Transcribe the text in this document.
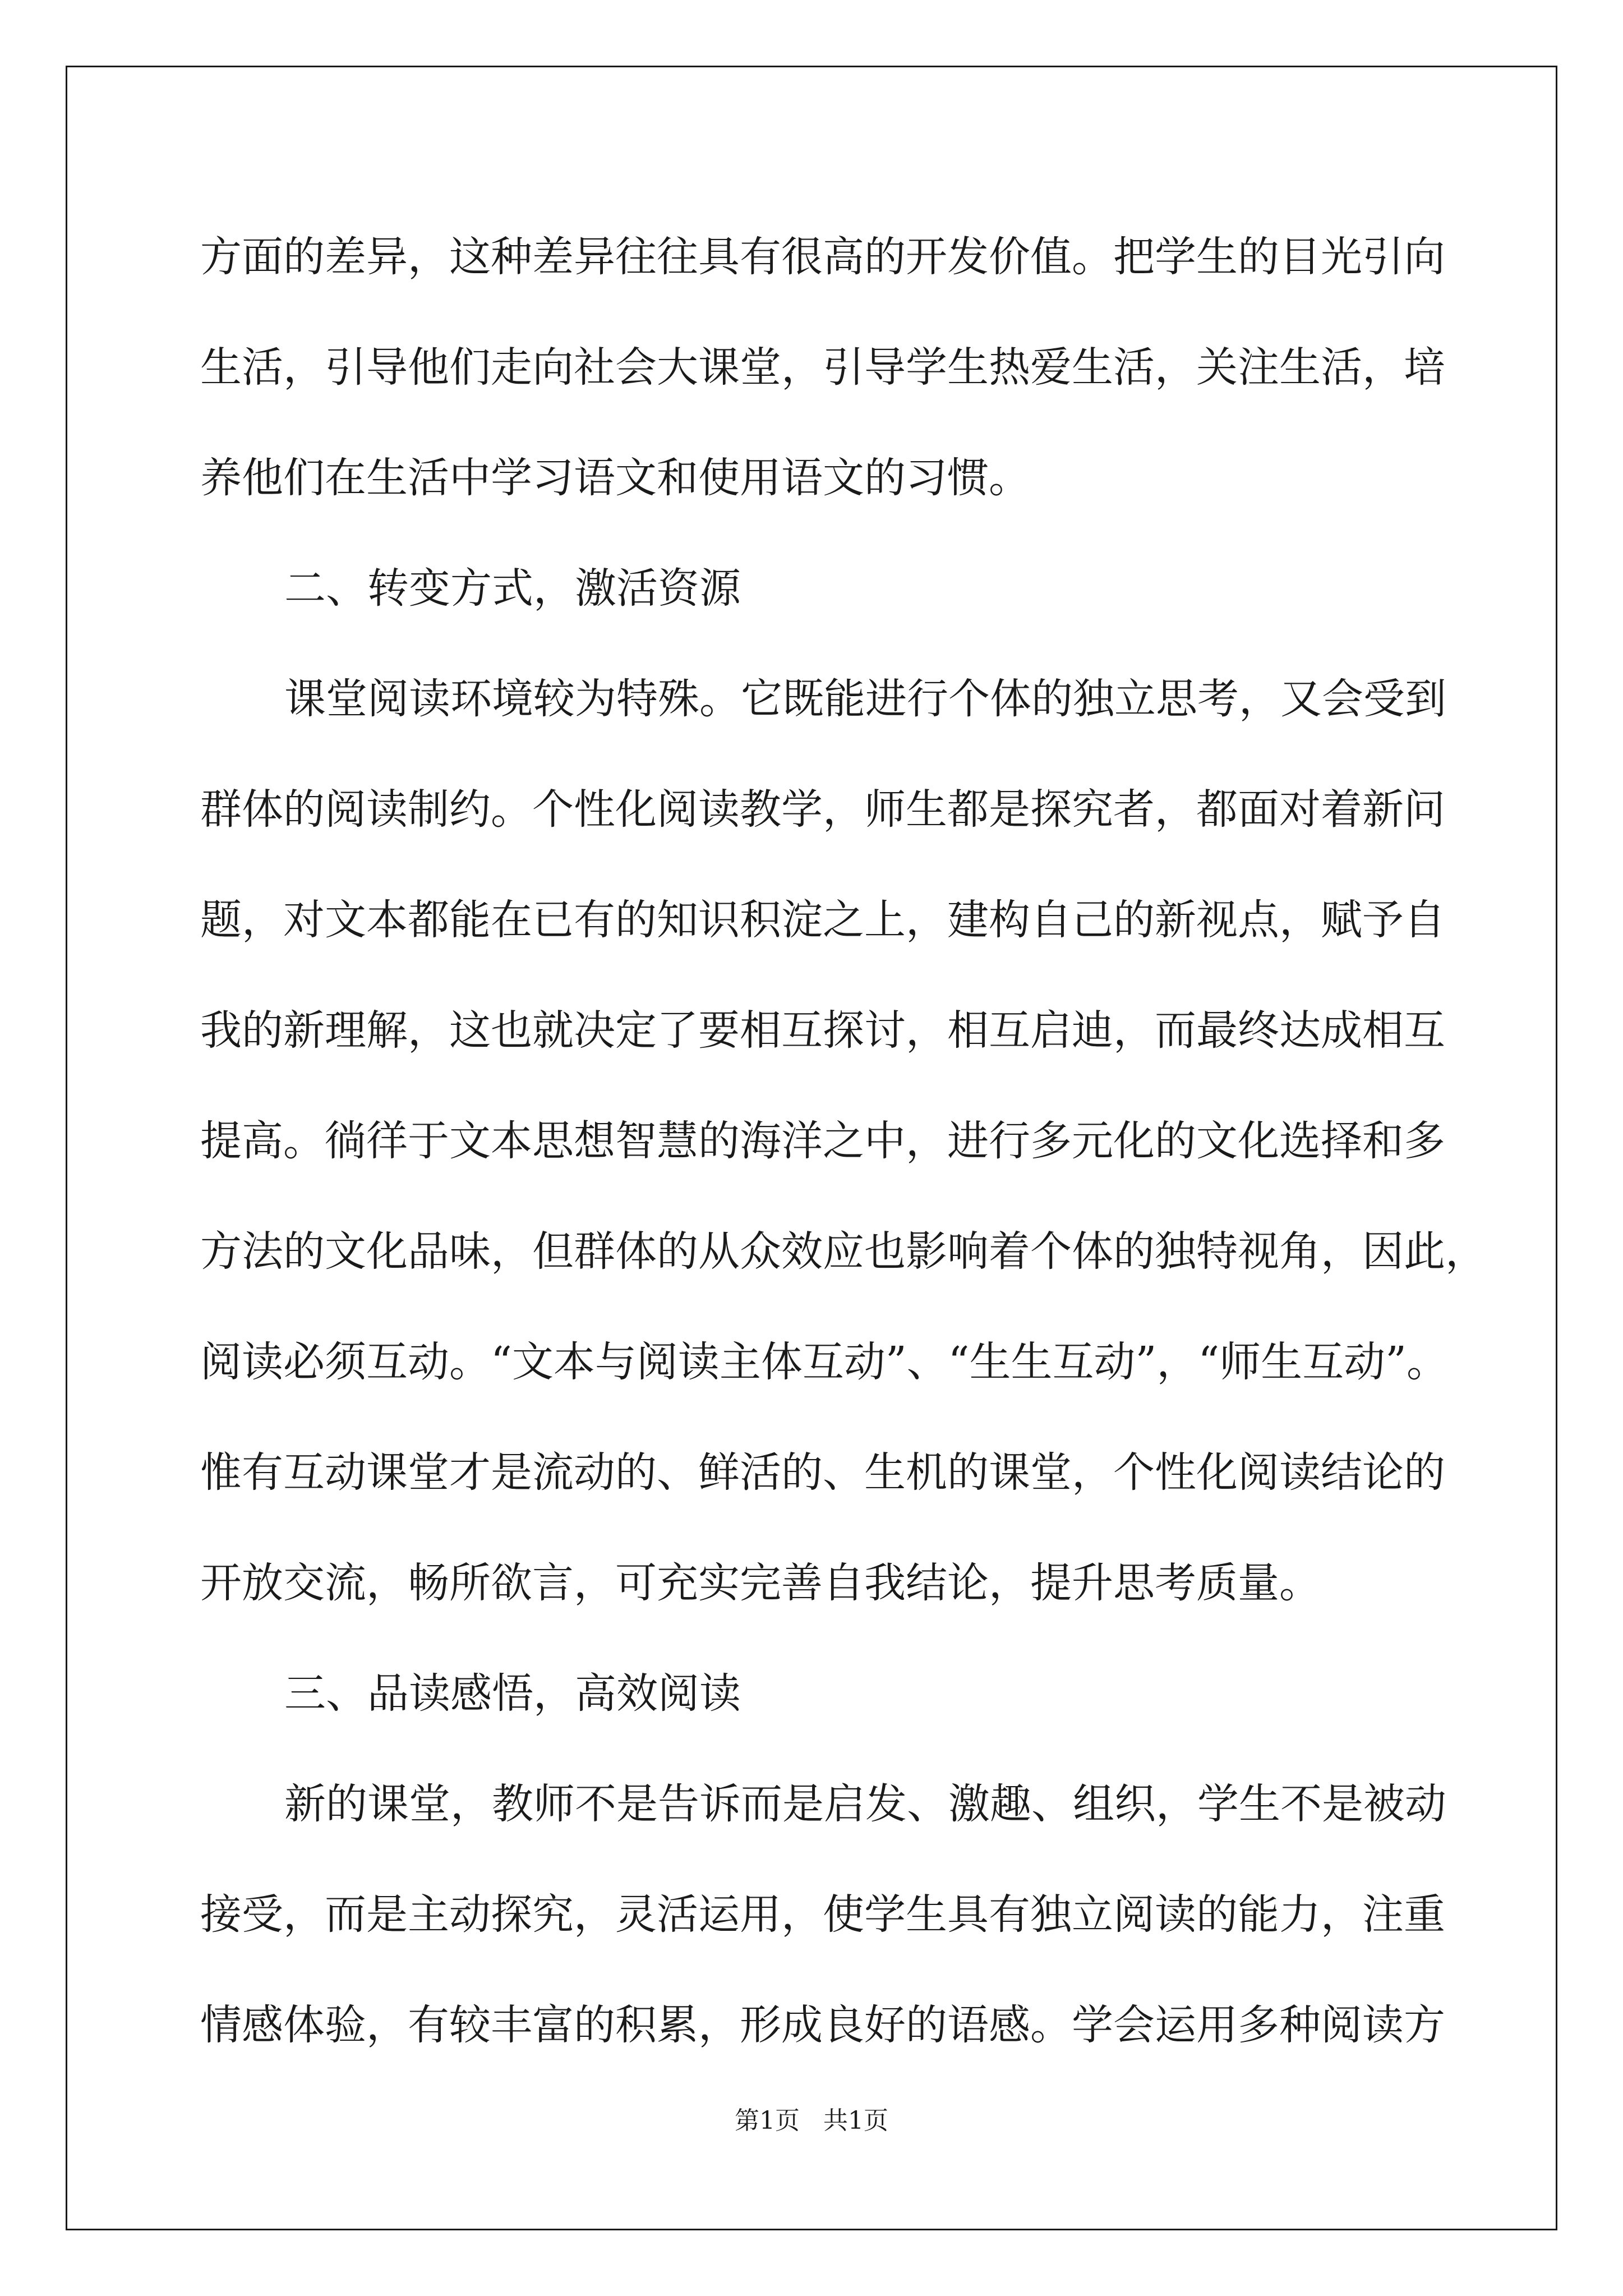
方面的差异，这种差异往往具有很高的开发价值。把学生的目光引向
生活，引导他们走向社会大课堂，引导学生热爱生活，关注生活，培
养他们在生活中学习语文和使用语文的习惯。
二、转变方式，激活资源
课堂阅读环境较为特殊。它既能进行个体的独立思考，又会受到
群体的阅读制约。个性化阅读教学，师生都是探究者，都面对着新问
题，对文本都能在已有的知识积淀之上，建构自己的新视点，赋予自
我的新理解，这也就决定了要相互探讨，相互启迪，而最终达成相互
提高。徜徉于文本思想智慧的海洋之中，进行多元化的文化选择和多
方法的文化品味，但群体的从众效应也影响着个体的独特视角，因此，
阅读必须互动。“文本与阅读主体互动”、“生生互动”，“师生互动”。
惟有互动课堂才是流动的、鲜活的、生机的课堂，个性化阅读结论的
开放交流，畅所欲言，可充实完善自我结论，提升思考质量。
三、品读感悟，高效阅读
新的课堂，教师不是告诉而是启发、激趣、组织，学生不是被动
接受，而是主动探究，灵活运用，使学生具有独立阅读的能力，注重
情感体验，有较丰富的积累，形成良好的语感。学会运用多种阅读方
第1页   共1页
